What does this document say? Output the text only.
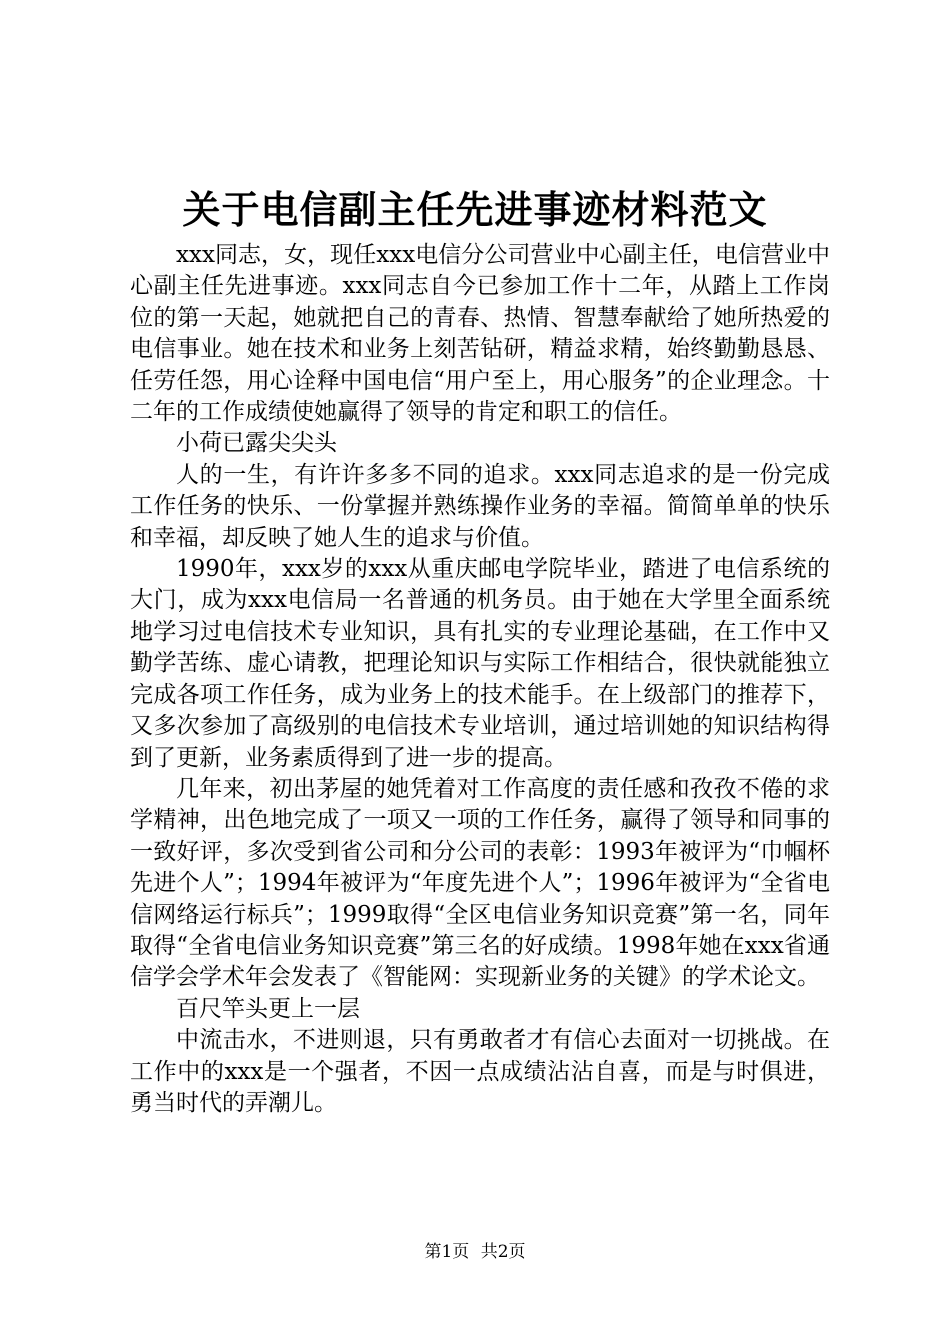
关于电信副主任先进事迹材料范文

xxx同志，女，现任xxx电信分公司营业中心副主任，电信营业中心副主任先进事迹。xxx同志自今已参加工作十二年，从踏上工作岗位的第一天起，她就把自己的青春、热情、智慧奉献给了她所热爱的电信事业。她在技术和业务上刻苦钻研，精益求精，始终勤勤恳恳、任劳任怨，用心诠释中国电信“用户至上，用心服务”的企业理念。十二年的工作成绩使她赢得了领导的肯定和职工的信任。

小荷已露尖尖头

人的一生，有许许多多不同的追求。xxx同志追求的是一份完成工作任务的快乐、一份掌握并熟练操作业务的幸福。简简单单的快乐和幸福，却反映了她人生的追求与价值。

1990年，xxx岁的xxx从重庆邮电学院毕业，踏进了电信系统的大门，成为xxx电信局一名普通的机务员。由于她在大学里全面系统地学习过电信技术专业知识，具有扎实的专业理论基础，在工作中又勤学苦练、虚心请教，把理论知识与实际工作相结合，很快就能独立完成各项工作任务，成为业务上的技术能手。在上级部门的推荐下，又多次参加了高级别的电信技术专业培训，通过培训她的知识结构得到了更新，业务素质得到了进一步的提高。

几年来，初出茅屋的她凭着对工作高度的责任感和孜孜不倦的求学精神，出色地完成了一项又一项的工作任务，赢得了领导和同事的一致好评，多次受到省公司和分公司的表彰：1993年被评为“巾帼杯先进个人”；1994年被评为“年度先进个人”；1996年被评为“全省电信网络运行标兵”；1999取得“全区电信业务知识竞赛”第一名，同年取得“全省电信业务知识竞赛”第三名的好成绩。1998年她在xxx省通信学会学术年会发表了《智能网：实现新业务的关键》的学术论文。

百尺竿头更上一层

中流击水，不进则退，只有勇敢者才有信心去面对一切挑战。在工作中的xxx是一个强者，不因一点成绩沾沾自喜，而是与时俱进，勇当时代的弄潮儿。

第1页 共2页
